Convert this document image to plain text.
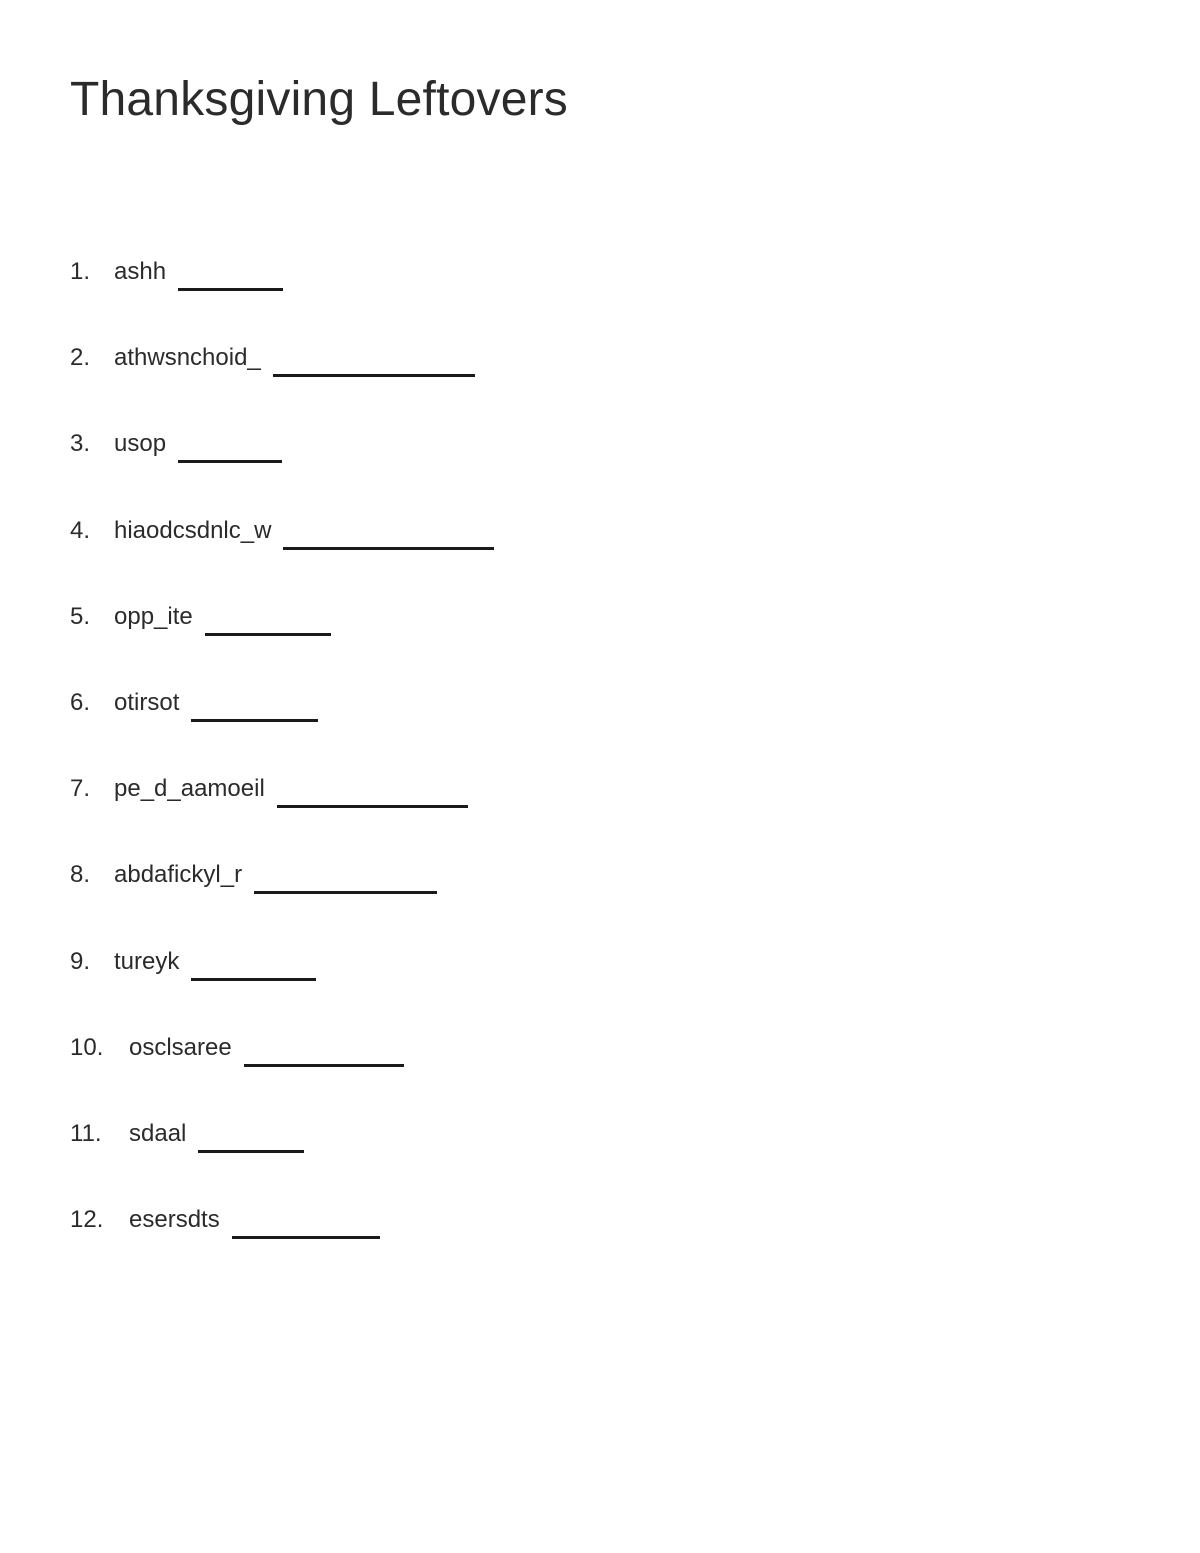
Thanksgiving Leftovers
1. ashh
2. athwsnchoid_
3. usop
4. hiaodcsdnlc_w
5. opp_ite
6. otirsot
7. pe_d_aamoeil
8. abdafickyl_r
9. tureyk
10.	osclsaree
11.	sdaal
12.	esersdts
